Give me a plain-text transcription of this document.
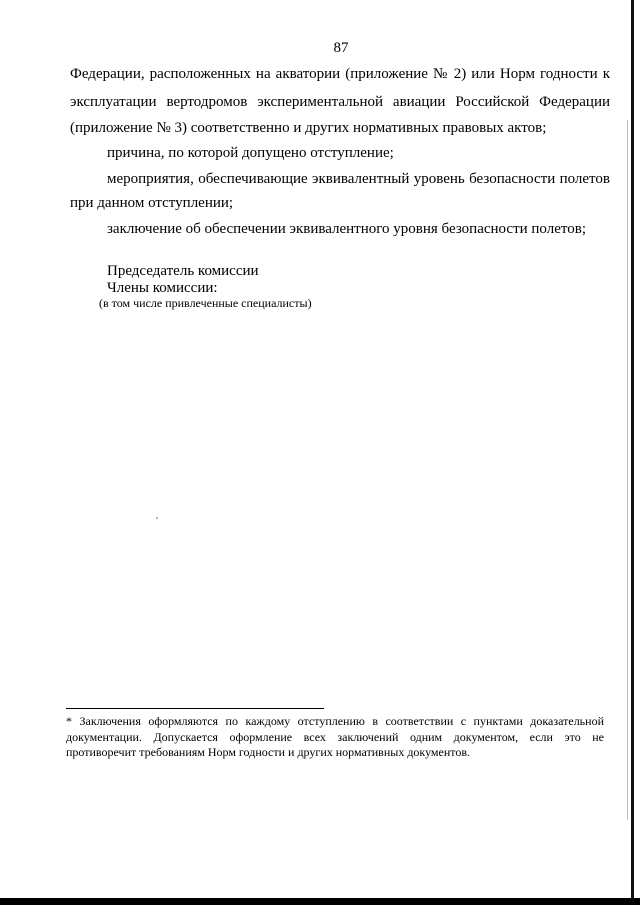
87
Федерации, расположенных на акватории (приложение № 2) или Норм годности к
эксплуатации вертодромов экспериментальной авиации Российской Федерации
(приложение № 3) соответственно и других нормативных правовых актов;
причина, по которой допущено отступление;
мероприятия, обеспечивающие эквивалентный уровень безопасности полетов
при данном отступлении;
заключение об обеспечении эквивалентного уровня безопасности полетов;
Председатель комиссии
Члены комиссии:
(в том числе привлеченные специалисты)
* Заключения оформляются по каждому отступлению в соответствии с пунктами доказательной
документации. Допускается оформление всех заключений одним документом, если это не
противоречит требованиям Норм годности и других нормативных документов.
